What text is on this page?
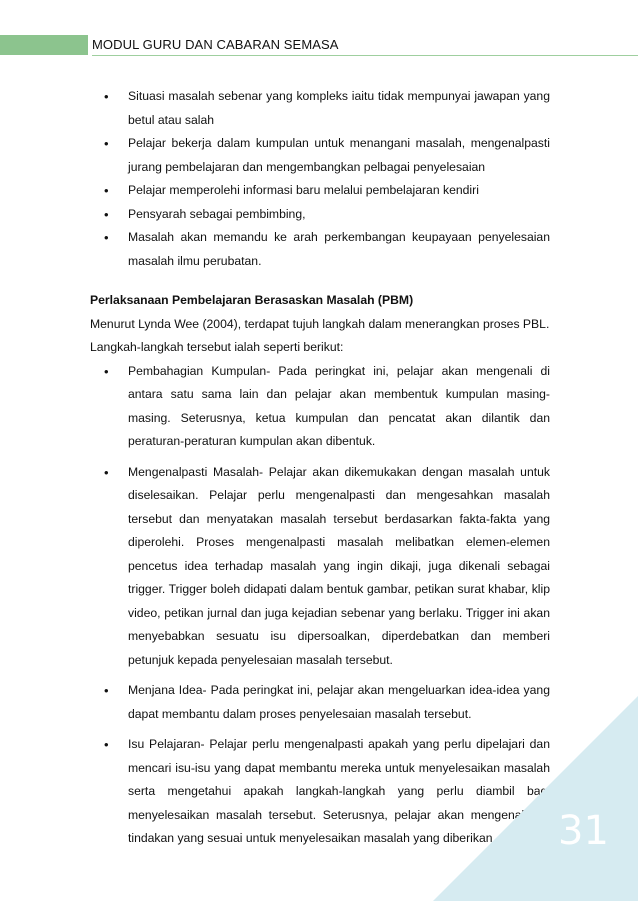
MODUL GURU DAN CABARAN SEMASA
• Situasi masalah sebenar yang kompleks iaitu tidak mempunyai jawapan yang betul atau salah
• Pelajar bekerja dalam kumpulan untuk menangani masalah, mengenalpasti jurang pembelajaran dan mengembangkan pelbagai penyelesaian
• Pelajar memperolehi informasi baru melalui pembelajaran kendiri
• Pensyarah sebagai pembimbing,
• Masalah akan memandu ke arah perkembangan keupayaan penyelesaian masalah ilmu perubatan.
Perlaksanaan Pembelajaran Berasaskan Masalah (PBM)
Menurut Lynda Wee (2004), terdapat tujuh langkah dalam menerangkan proses PBL. Langkah-langkah tersebut ialah seperti berikut:
• Pembahagian Kumpulan- Pada peringkat ini, pelajar akan mengenali di antara satu sama lain dan pelajar akan membentuk kumpulan masing-masing. Seterusnya, ketua kumpulan dan pencatat akan dilantik dan peraturan-peraturan kumpulan akan dibentuk.
• Mengenalpasti Masalah- Pelajar akan dikemukakan dengan masalah untuk diselesaikan. Pelajar perlu mengenalpasti dan mengesahkan masalah tersebut dan menyatakan masalah tersebut berdasarkan fakta-fakta yang diperolehi. Proses mengenalpasti masalah melibatkan elemen-elemen pencetus idea terhadap masalah yang ingin dikaji, juga dikenali sebagai trigger. Trigger boleh didapati dalam bentuk gambar, petikan surat khabar, klip video, petikan jurnal dan juga kejadian sebenar yang berlaku. Trigger ini akan menyebabkan sesuatu isu dipersoalkan, diperdebatkan dan memberi petunjuk kepada penyelesaian masalah tersebut.
• Menjana Idea- Pada peringkat ini, pelajar akan mengeluarkan idea-idea yang dapat membantu dalam proses penyelesaian masalah tersebut.
• Isu Pelajaran- Pelajar perlu mengenalpasti apakah yang perlu dipelajari dan mencari isu-isu yang dapat membantu mereka untuk menyelesaikan masalah serta mengetahui apakah langkah-langkah yang perlu diambil bagi menyelesaikan masalah tersebut. Seterusnya, pelajar akan mengenalpasti tindakan yang sesuai untuk menyelesaikan masalah yang diberikan.	31
